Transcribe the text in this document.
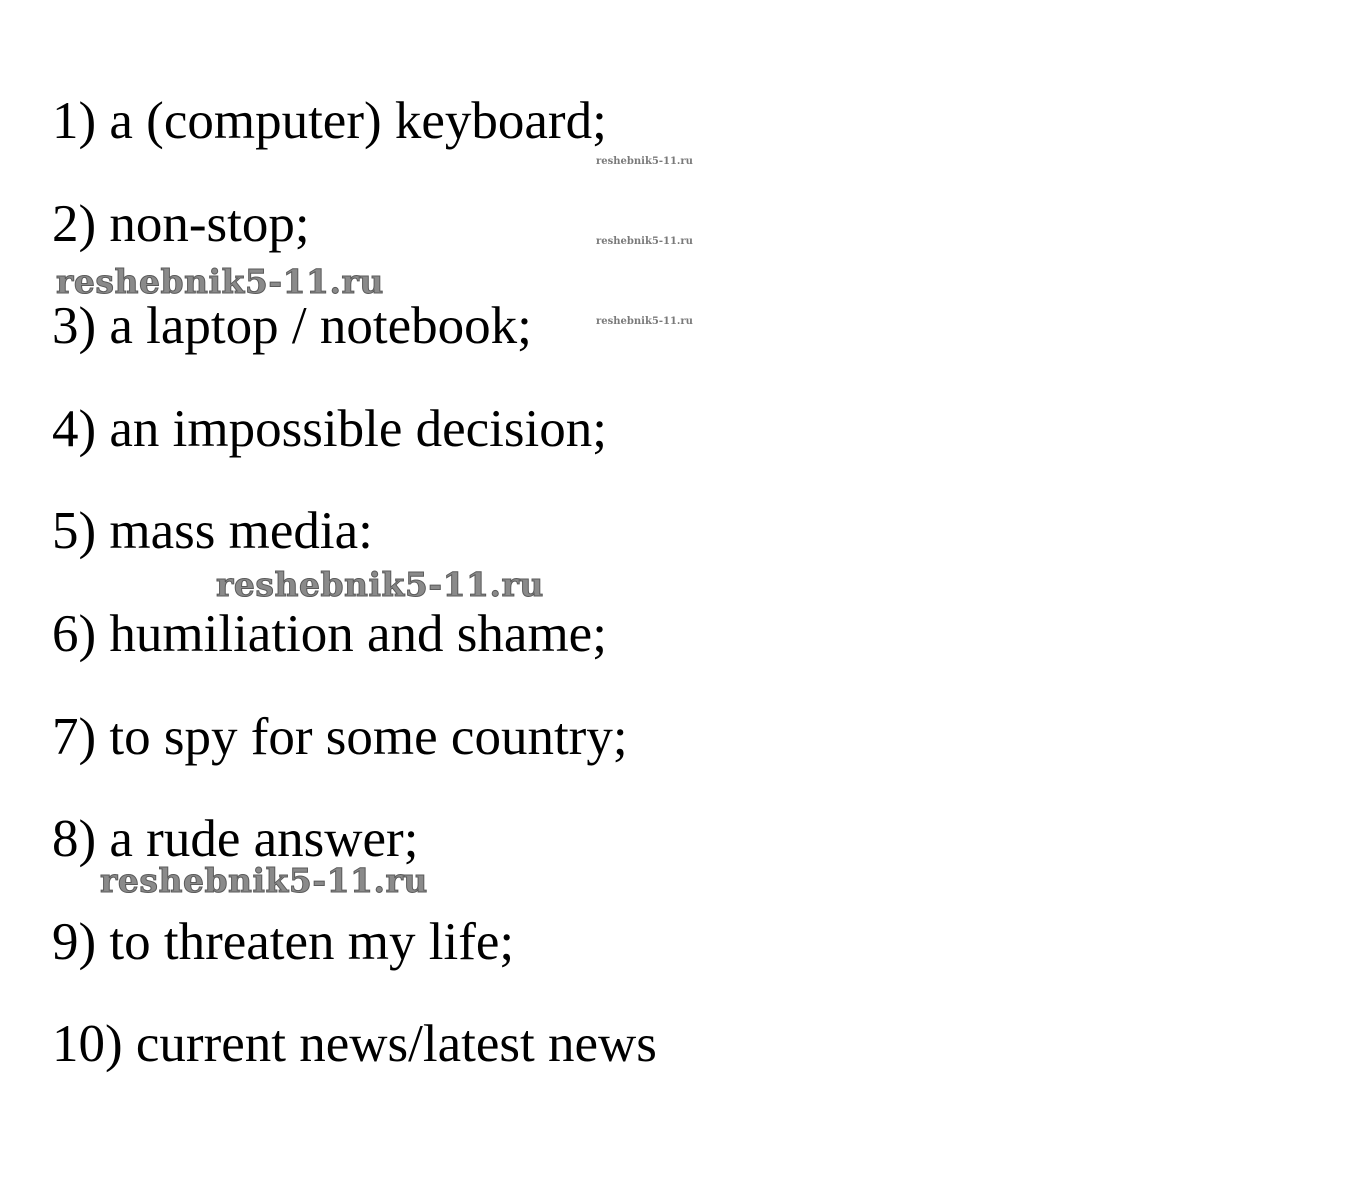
1) a (computer) keyboard;
2) non-stop;
3) a laptop / notebook;
4) an impossible decision;
5) mass media:
6) humiliation and shame;
7) to spy for some country;
8) a rude answer;
9) to threaten my life;
10) current news/latest news
reshebnik5-11.ru
reshebnik5-11.ru
reshebnik5-11.ru
reshebnik5-11.ru
reshebnik5-11.ru
reshebnik5-11.ru
